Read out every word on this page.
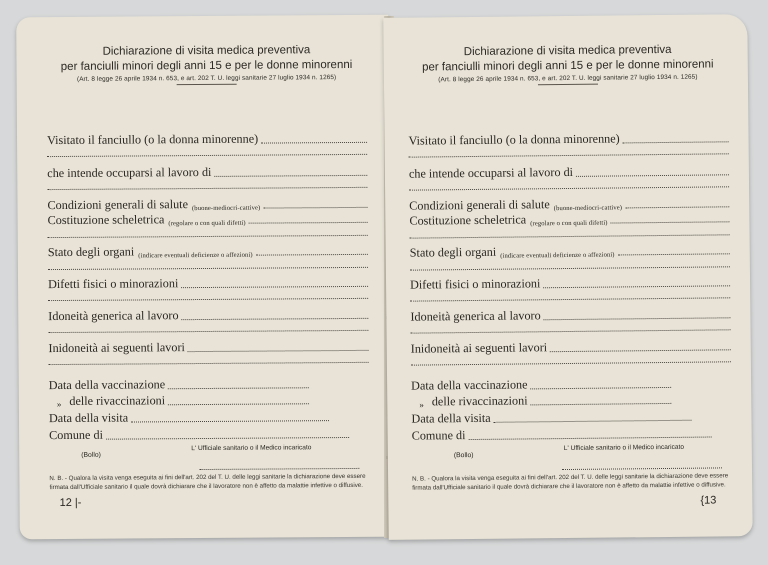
Dichiarazione di visita medica preventiva
per fanciulli minori degli anni 15 e per le donne minorenni
(Art. 8 legge 26 aprile 1934 n. 653, e art. 202 T. U. leggi sanitarie 27 luglio 1934 n. 1265)
Visitato il fanciullo (o la donna minorenne)
che intende occuparsi al lavoro di
Condizioni generali di salute (buone-mediocri-cattive)
Costituzione scheletrica (regolare o con quali difetti)
Stato degli organi (indicare eventuali deficienze o affezioni)
Difetti fisici o minorazioni
Idoneità generica al lavoro
Inidoneità ai seguenti lavori
Data della vaccinazione
» delle rivaccinazioni
Data della visita
Comune di
L' Ufficiale sanitario o il Medico incaricato
(Bollo)
N. B. - Qualora la visita venga eseguita ai fini dell'art. 202 del T. U. delle leggi sanitarie la dichiarazione deve essere firmata dall'Ufficiale sanitario il quale dovrà dichiarare che il lavoratore non è affetto da malattie infettive o diffusive.
12 |-
Dichiarazione di visita medica preventiva
per fanciulli minori degli anni 15 e per le donne minorenni
(Art. 8 legge 26 aprile 1934 n. 653, e art. 202 T. U. leggi sanitarie 27 luglio 1934 n. 1265)
Visitato il fanciullo (o la donna minorenne)
che intende occuparsi al lavoro di
Condizioni generali di salute (buone-mediocri-cattive)
Costituzione scheletrica (regolare o con quali difetti)
Stato degli organi (indicare eventuali deficienze o affezioni)
Difetti fisici o minorazioni
Idoneità generica al lavoro
Inidoneità ai seguenti lavori
Data della vaccinazione
» delle rivaccinazioni
Data della visita
Comune di
L' Ufficiale sanitario o il Medico incaricato
(Bollo)
N. B. - Qualora la visita venga eseguita ai fini dell'art. 202 del T. U. delle leggi sanitarie la dichiarazione deve essere firmata dall'Ufficiale sanitario il quale dovrà dichiarare che il lavoratore non è affetto da malattie infettive o diffusive.
{13
